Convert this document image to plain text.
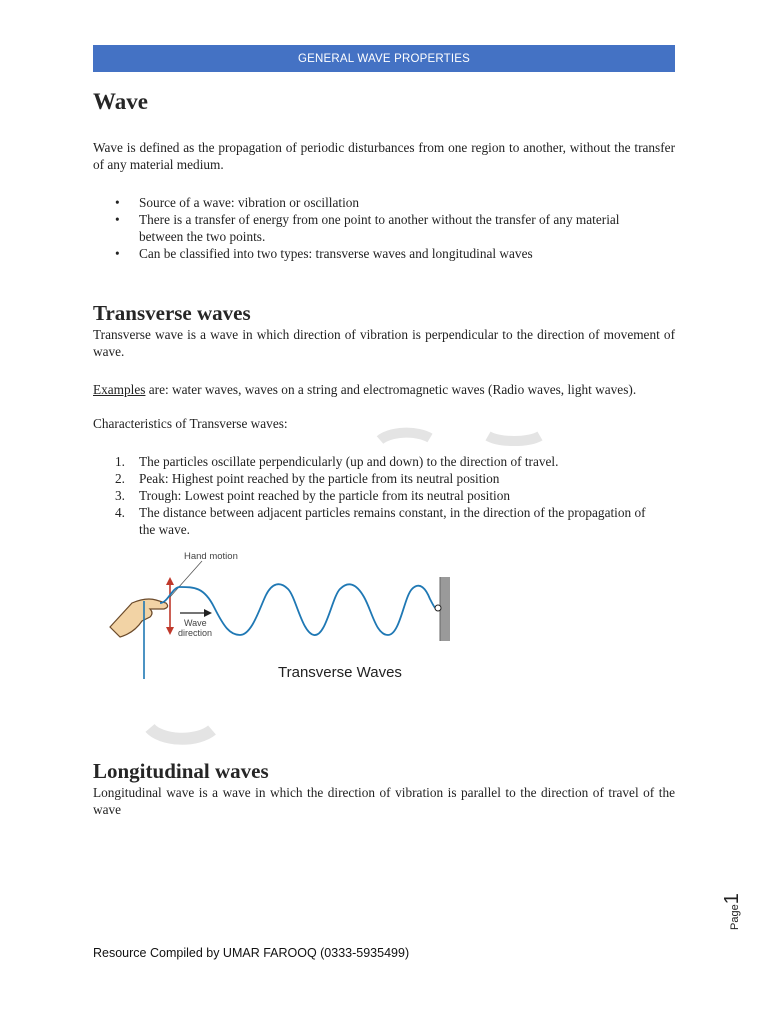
GENERAL WAVE PROPERTIES
Wave

Wave is defined as the propagation of periodic disturbances from one region to another, without the transfer of any material medium.

• Source of a wave: vibration or oscillation
• There is a transfer of energy from one point to another without the transfer of any material between the two points.
• Can be classified into two types: transverse waves and longitudinal waves
Transverse waves

Transverse wave is a wave in which direction of vibration is perpendicular to the direction of movement of wave.

Examples are: water waves, waves on a string and electromagnetic waves (Radio waves, light waves).

Characteristics of Transverse waves:

1. The particles oscillate perpendicularly (up and down) to the direction of travel.
2. Peak: Highest point reached by the particle from its neutral position
3. Trough: Lowest point reached by the particle from its neutral position
4. The distance between adjacent particles remains constant, in the direction of the propagation of the wave.
Hand motion
Wave
direction
Transverse Waves
Longitudinal waves

Longitudinal wave is a wave in which the direction of vibration is parallel to the direction of travel of the wave

Page1
Resource Compiled by UMAR FAROOQ (0333-5935499)
